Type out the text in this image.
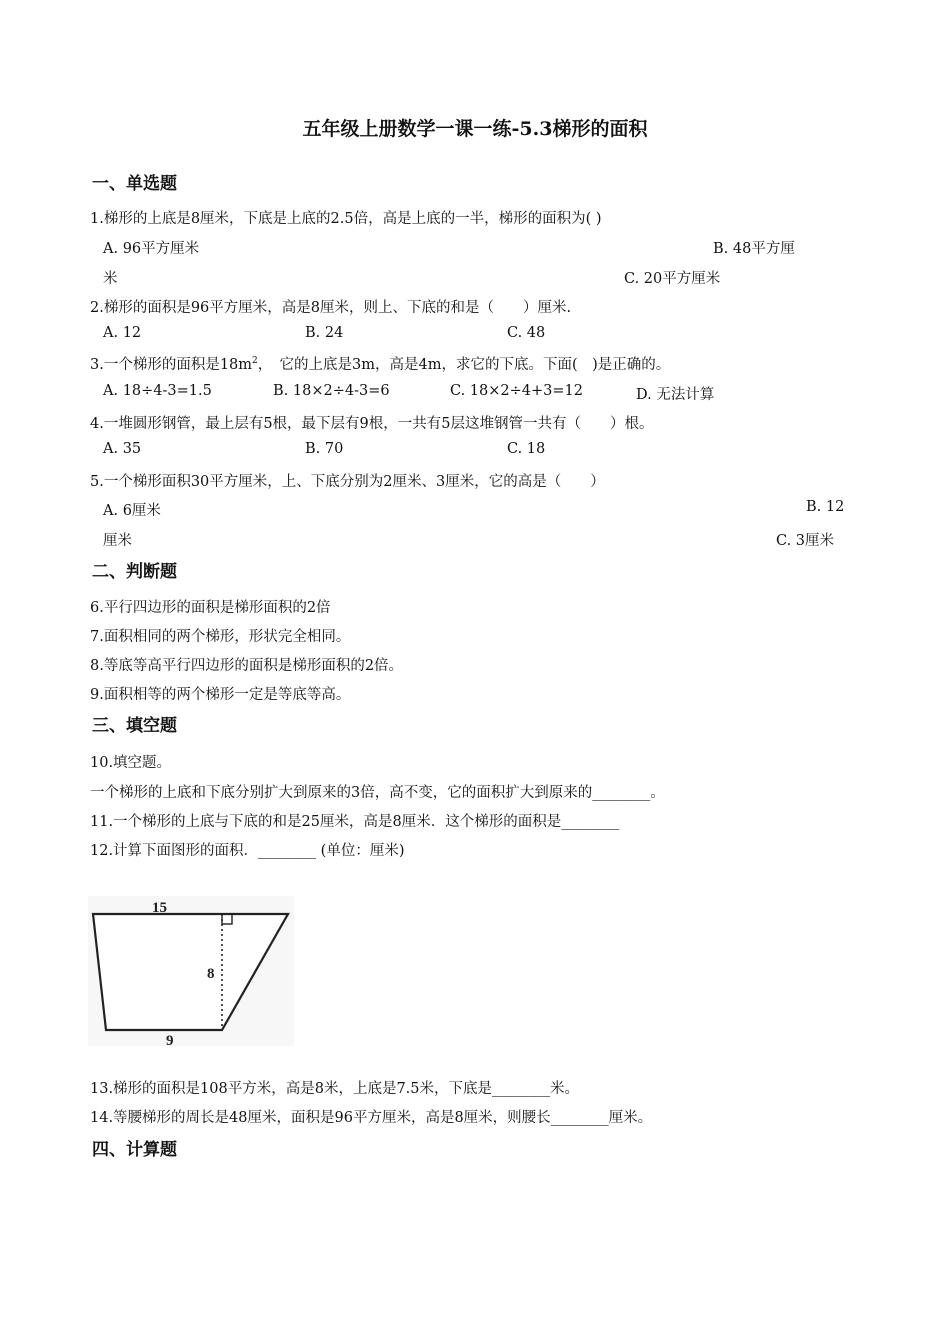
五年级上册数学一课一练-5.3梯形的面积
一、单选题
1.梯形的上底是8厘米，下底是上底的2.5倍，高是上底的一半，梯形的面积为( )
A. 96平方厘米	B. 48平方厘
米	C. 20平方厘米
2.梯形的面积是96平方厘米，高是8厘米，则上、下底的和是（　　）厘米.
A. 12	B. 24	C. 48
3.一个梯形的面积是$18m^2$，　它的上底是3m，高是4m，求它的下底。下面(　)是正确的。
A. 18÷4-3=1.5	B. 18×2÷4-3=6	C. 18×2÷4+3=12	D. 无法计算
4.一堆圆形钢管，最上层有5根，最下层有9根，一共有5层这堆钢管一共有（　　）根。
A. 35	B. 70	C. 18
5.一个梯形面积30平方厘米，上、下底分别为2厘米、3厘米，它的高是（　　）
A. 6厘米	B. 12
厘米	C. 3厘米
二、判断题
6.平行四边形的面积是梯形面积的2倍
7.面积相同的两个梯形，形状完全相同。
8.等底等高平行四边形的面积是梯形面积的2倍。
9.面积相等的两个梯形一定是等底等高。
三、填空题
10.填空题。
一个梯形的上底和下底分别扩大到原来的3倍，高不变，它的面积扩大到原来的________。
11.一个梯形的上底与下底的和是25厘米，高是8厘米．这个梯形的面积是________
12.计算下面图形的面积．________ (单位：厘米)
15
8
9
13.梯形的面积是108平方米，高是8米，上底是7.5米，下底是________米。
14.等腰梯形的周长是48厘米，面积是96平方厘米，高是8厘米，则腰长________厘米。
四、计算题
